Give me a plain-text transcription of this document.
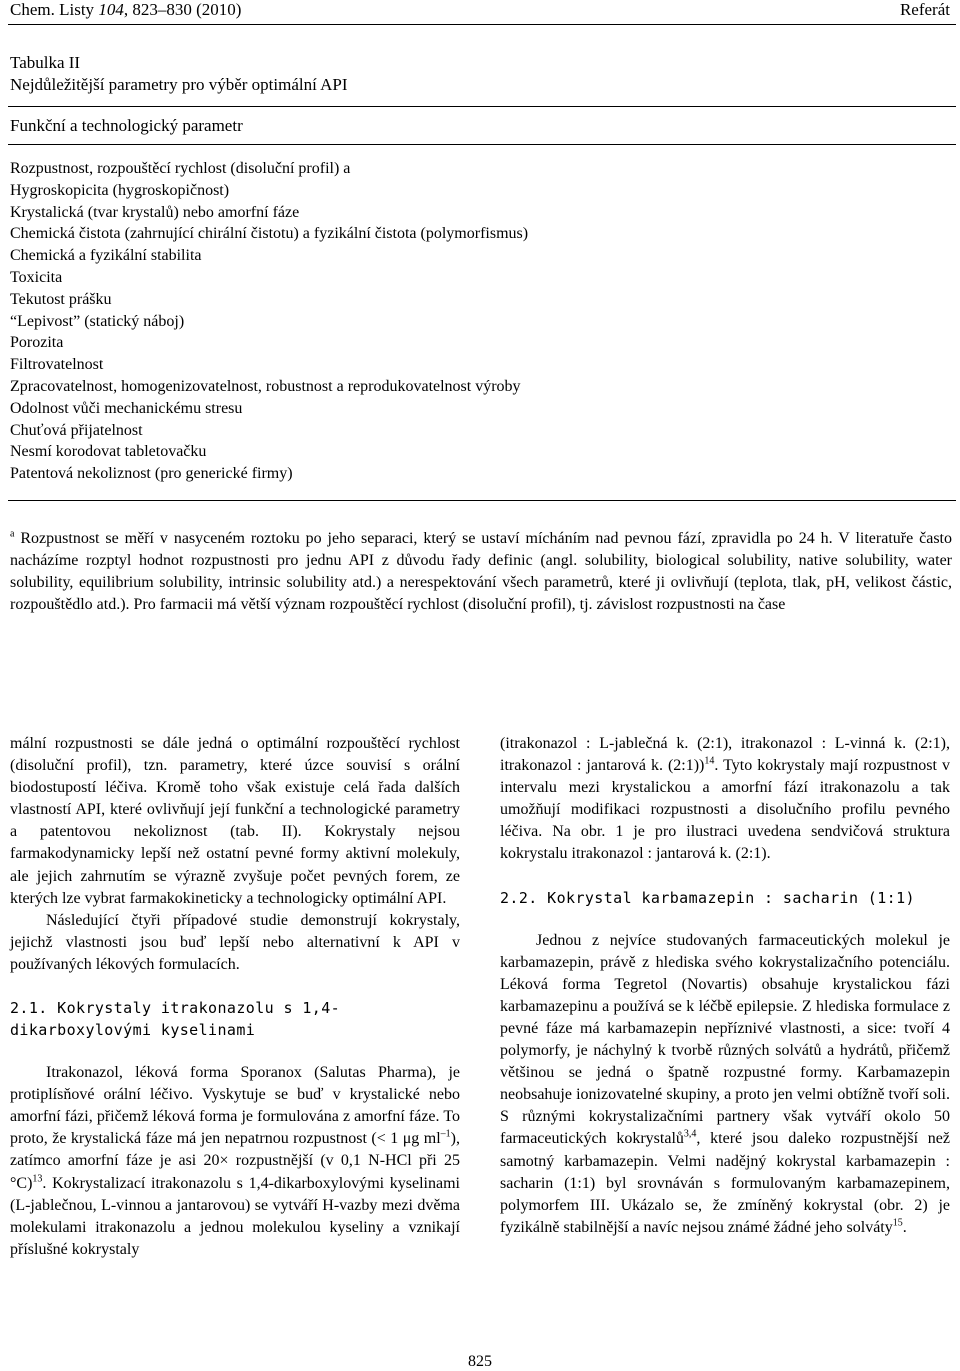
Chem. Listy 104, 823–830 (2010)	Referát
Tabulka II
Nejdůležitější parametry pro výběr optimální API
Funkční a technologický parametr
Rozpustnost, rozpouštěcí rychlost (disoluční profil) a
Hygroskopicita (hygroskopičnost)
Krystalická (tvar krystalů) nebo amorfní fáze
Chemická čistota (zahrnující chirální čistotu) a fyzikální čistota (polymorfismus)
Chemická a fyzikální stabilita
Toxicita
Tekutost prášku
“Lepivost” (statický náboj)
Porozita
Filtrovatelnost
Zpracovatelnost, homogenizovatelnost, robustnost a reprodukovatelnost výroby
Odolnost vůči mechanickému stresu
Chuťová přijatelnost
Nesmí korodovat tabletovačku
Patentová nekoliznost (pro generické firmy)
$^a$ Rozpustnost se měří v nasyceném roztoku po jeho separaci, který se ustaví mícháním nad pevnou fází, zpravidla po 24 h. V literatuře často nacházíme rozptyl hodnot rozpustnosti pro jednu API z důvodu řady definic (angl. solubility, biological solubility, native solubility, water solubility, equilibrium solubility, intrinsic solubility atd.) a nerespektování všech parametrů, které ji ovlivňují (teplota, tlak, pH, velikost částic, rozpouštědlo atd.). Pro farmacii má větší význam rozpouštěcí rychlost (disoluční profil), tj. závislost rozpustnosti na čase

mální rozpustnosti se dále jedná o optimální rozpouštěcí rychlost (disoluční profil), tzn. parametry, které úzce souvisí s orální biodostupostí léčiva. Kromě toho však existuje celá řada dalších vlastností API, které ovlivňují její funkční a technologické parametry a patentovou nekoliznost (tab. II). Kokrystaly nejsou farmakodynamicky lepší než ostatní pevné formy aktivní molekuly, ale jejich zahrnutím se výrazně zvyšuje počet pevných forem, ze kterých lze vybrat farmakokineticky a technologicky optimální API.

Následující čtyři případové studie demonstrují kokrystaly, jejichž vlastnosti jsou buď lepší nebo alternativní k API v používaných lékových formulacích.

2.1. Kokrystaly itrakonazolu s 1,4-dikarboxylovými kyselinami

Itrakonazol, léková forma Sporanox (Salutas Pharma), je protiplísňové orální léčivo. Vyskytuje se buď v krystalické nebo amorfní fázi, přičemž léková forma je formulována z amorfní fáze. To proto, že krystalická fáze má jen nepatrnou rozpustnost (< 1 μg $ml^{-1}$), zatímco amorfní fáze je asi 20× rozpustnější (v 0,1 N-HCl při 25 °C)$^{13}$. Kokrystalizací itrakonazolu s 1,4-dikarboxylovými kyselinami (L-jablečnou, L-vinnou a jantarovou) se vytváří H-vazby mezi dvěma molekulami itrakonazolu a jednou molekulou kyseliny a vznikají příslušné kokrystaly

(itrakonazol : L-jablečná k. (2:1), itrakonazol : L-vinná k. (2:1), itrakonazol : jantarová k. (2:1))$^{14}$. Tyto kokrystaly mají rozpustnost v intervalu mezi krystalickou a amorfní fází itrakonazolu a tak umožňují modifikaci rozpustnosti a disolučního profilu pevného léčiva. Na obr. 1 je pro ilustraci uvedena sendvičová struktura kokrystalu itrakonazol : jantarová k. (2:1).

2.2. Kokrystal karbamazepin : sacharin (1:1)

Jednou z nejvíce studovaných farmaceutických molekul je karbamazepin, právě z hlediska svého kokrystalizačního potenciálu. Léková forma Tegretol (Novartis) obsahuje krystalickou fázi karbamazepinu a používá se k léčbě epilepsie. Z hlediska formulace z pevné fáze má karbamazepin nepříznivé vlastnosti, a sice: tvoří 4 polymorfy, je náchylný k tvorbě různých solvátů a hydrátů, přičemž většinou se jedná o špatně rozpustné formy. Karbamazepin neobsahuje ionizovatelné skupiny, a proto jen velmi obtížně tvoří soli. S různými kokrystalizačními partnery však vytváří okolo 50 farmaceutických kokrystalů$^{3,4}$, které jsou daleko rozpustnější než samotný karbamazepin. Velmi nadějný kokrystal karbamazepin : sacharin (1:1) byl srovnáván s formulovaným karbamazepinem, polymorfem III. Ukázalo se, že zmíněný kokrystal (obr. 2) je fyzikálně stabilnější a navíc nejsou známé žádné jeho solváty$^{15}$.

825
